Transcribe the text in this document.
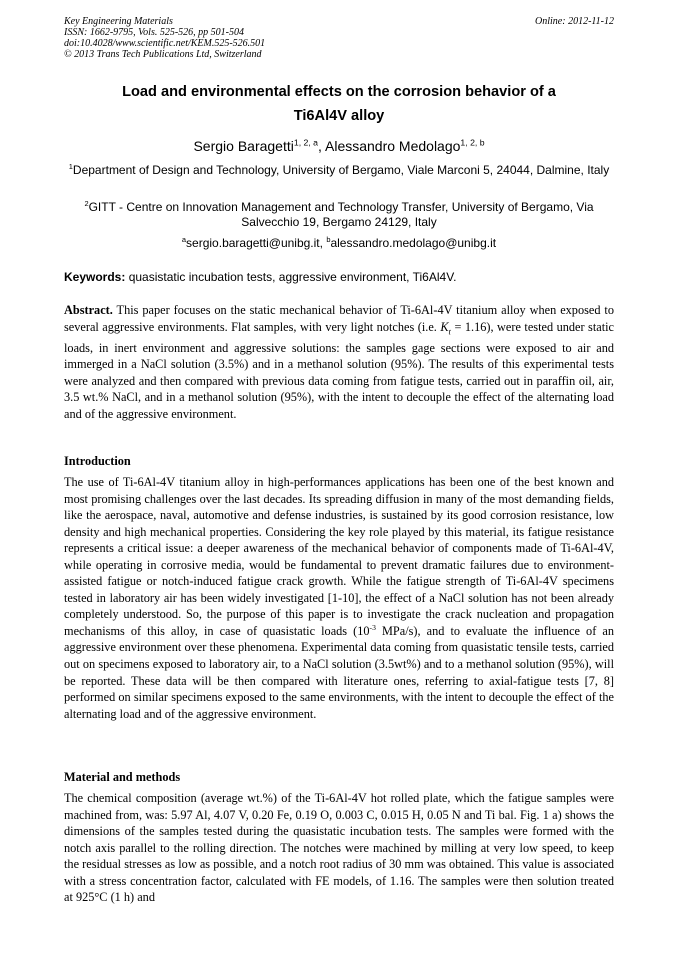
Key Engineering Materials
ISSN: 1662-9795, Vols. 525-526, pp 501-504
doi:10.4028/www.scientific.net/KEM.525-526.501
© 2013 Trans Tech Publications Ltd, Switzerland
Online: 2012-11-12
Load and environmental effects on the corrosion behavior of a
Ti6Al4V alloy
Sergio Baragetti$^{1, 2, a}$, Alessandro Medolago$^{1, 2, b}$
$^1$Department of Design and Technology, University of Bergamo, Viale Marconi 5, 24044, Dalmine, Italy
$^2$GITT - Centre on Innovation Management and Technology Transfer, University of Bergamo, Via Salvecchio 19, Bergamo 24129, Italy
$^a$sergio.baragetti@unibg.it, $^b$alessandro.medolago@unibg.it
Keywords: quasistatic incubation tests, aggressive environment, Ti6Al4V.
Abstract. This paper focuses on the static mechanical behavior of Ti-6Al-4V titanium alloy when exposed to several aggressive environments. Flat samples, with very light notches (i.e. $K_t = 1.16$), were tested under static loads, in inert environment and aggressive solutions: the samples gage sections were exposed to air and immerged in a NaCl solution (3.5%) and in a methanol solution (95%). The results of this experimental tests were analyzed and then compared with previous data coming from fatigue tests, carried out in paraffin oil, air, 3.5 wt.% NaCl, and in a methanol solution (95%), with the intent to decouple the effect of the alternating load and of the aggressive environment.
Introduction
The use of Ti-6Al-4V titanium alloy in high-performances applications has been one of the best known and most promising challenges over the last decades. Its spreading diffusion in many of the most demanding fields, like the aerospace, naval, automotive and defense industries, is sustained by its good corrosion resistance, low density and high mechanical properties. Considering the key role played by this material, its fatigue resistance represents a critical issue: a deeper awareness of the mechanical behavior of components made of Ti-6Al-4V, while operating in corrosive media, would be fundamental to prevent dramatic failures due to environment-assisted fatigue or notch-induced fatigue crack growth. While the fatigue strength of Ti-6Al-4V specimens tested in laboratory air has been widely investigated [1-10], the effect of a NaCl solution has not been already completely understood. So, the purpose of this paper is to investigate the crack nucleation and propagation mechanisms of this alloy, in case of quasistatic loads ($10^{-3}$ MPa/s), and to evaluate the influence of an aggressive environment over these phenomena. Experimental data coming from quasistatic tensile tests, carried out on specimens exposed to laboratory air, to a NaCl solution (3.5wt%) and to a methanol solution (95%), will be reported. These data will be then compared with literature ones, referring to axial-fatigue tests [7, 8] performed on similar specimens exposed to the same environments, with the intent to decouple the effect of the alternating load and of the aggressive environment.
Material and methods
The chemical composition (average wt.%) of the Ti-6Al-4V hot rolled plate, which the fatigue samples were machined from, was: 5.97 Al, 4.07 V, 0.20 Fe, 0.19 O, 0.003 C, 0.015 H, 0.05 N and Ti bal. Fig. 1 a) shows the dimensions of the samples tested during the quasistatic incubation tests. The samples were formed with the notch axis parallel to the rolling direction. The notches were machined by milling at very low speed, to keep the residual stresses as low as possible, and a notch root radius of 30 mm was obtained. This value is associated with a stress concentration factor, calculated with FE models, of 1.16. The samples were then solution treated at 925°C (1 h) and
